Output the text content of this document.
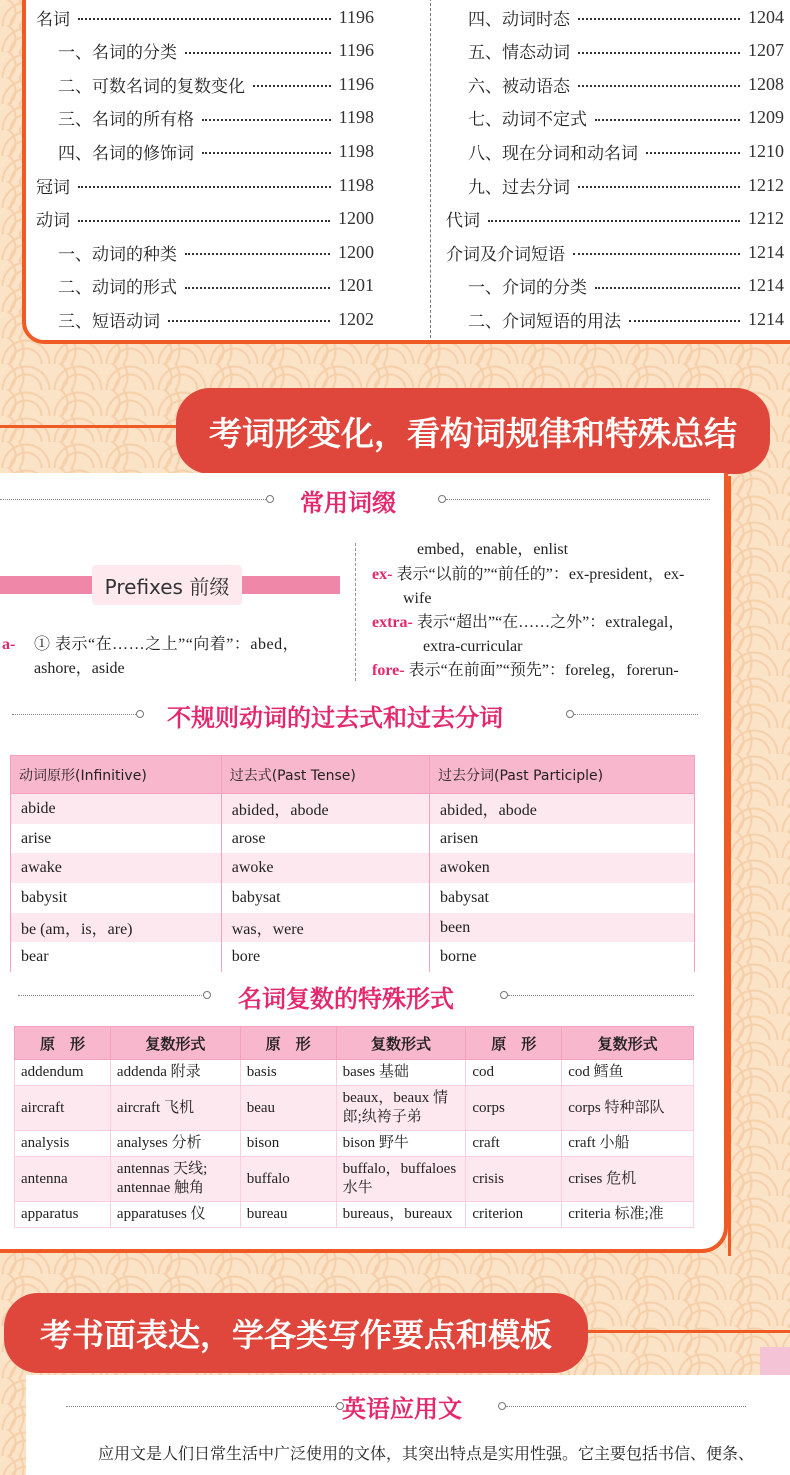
名词	1196
一、名词的分类	1196
二、可数名词的复数变化	1196
三、名词的所有格	1198
四、名词的修饰词	1198
冠词	1198
动词	1200
一、动词的种类	1200
二、动词的形式	1201
三、短语动词	1202
四、动词时态	1204
五、情态动词	1207
六、被动语态	1208
七、动词不定式	1209
八、现在分词和动名词	1210
九、过去分词	1212
代词	1212
介词及介词短语	1214
一、介词的分类	1214
二、介词短语的用法	1214
考词形变化，看构词规律和特殊总结
常用词缀
Prefixes 前缀
a- ① 表示“在……之上”“向着”：abed，
ashore，aside
embed，enable，enlist
ex- 表示“以前的”“前任的”：ex-president，ex-
wife
extra- 表示“超出”“在……之外”：extralegal，
extra-curricular
fore- 表示“在前面”“预先”：foreleg，forerun-
不规则动词的过去式和过去分词
动词原形(Infinitive)	过去式(Past Tense)	过去分词(Past Participle)
abide	abided，abode	abided，abode
arise	arose	arisen
awake	awoke	awoken
babysit	babysat	babysat
be (am，is，are)	was，were	been
bear	bore	borne
名词复数的特殊形式
原　形	复数形式	原　形	复数形式	原　形	复数形式
addendum	addenda 附录	basis	bases 基础	cod	cod 鳕鱼
aircraft	aircraft 飞机	beau	beaux，beaux 情郎;纨袴子弟	corps	corps 特种部队
analysis	analyses 分析	bison	bison 野牛	craft	craft 小船
antenna	antennas 天线; antennae 触角	buffalo	buffalo，buffaloes 水牛	crisis	crises 危机
apparatus	apparatuses 仪	bureau	bureaus，bureaux	criterion	criteria 标准;准
英语应用文
应用文是人们日常生活中广泛使用的文体，其突出特点是实用性强。它主要包括书信、便条、
考书面表达，学各类写作要点和模板
